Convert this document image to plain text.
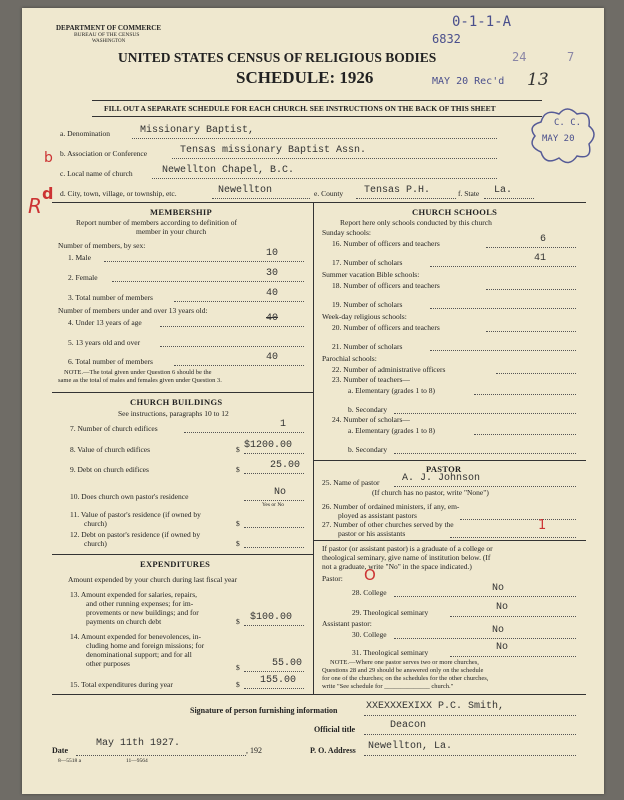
0-1-1-A
6832
24	7
MAY 20 Rec'd 13
C. C.
MAY 20
DEPARTMENT OF COMMERCE
BUREAU OF THE CENSUS
WASHINGTON
UNITED STATES CENSUS OF RELIGIOUS BODIES
SCHEDULE: 1926
FILL OUT A SEPARATE SCHEDULE FOR EACH CHURCH. SEE INSTRUCTIONS ON THE BACK OF THIS SHEET
b
d
R
a. Denomination	Missionary Baptist,
b. Association or Conference	Tensas missionary Baptist Assn.
c. Local name of church	Newellton Chapel, B.C.
d. City, town, village, or township, etc.	Newellton	e. County Tensas P.H.	f. State La.
MEMBERSHIP
Report number of members according to definition of
member in your church
Number of members, by sex:
1. Male	10
2. Female	30
3. Total number of members	40
Number of members under and over 13 years old:
4. Under 13 years of age	40
5. 13 years old and over
6. Total number of members	40
NOTE.—The total given under Question 6 should be the
same as the total of males and females given under Question 3.
CHURCH BUILDINGS
See instructions, paragraphs 10 to 12
7. Number of church edifices	1
8. Value of church edifices	$ $1200.00
9. Debt on church edifices	$	25.00
10. Does church own pastor's residence	No
Yes or No
11. Value of pastor's residence (if owned by
church)	$
12. Debt on pastor's residence (if owned by
church)	$
EXPENDITURES
Amount expended by your church during last fiscal year
13. Amount expended for salaries, repairs,
and other running expenses; for im-
provements or new buildings; and for
payments on church debt	$ $100.00
14. Amount expended for benevolences, in-
cluding home and foreign missions; for
denominational support; and for all
other purposes	$	55.00
15. Total expenditures during year	$ 155.00
CHURCH SCHOOLS
Report here only schools conducted by this church
Sunday schools:
16. Number of officers and teachers	6
17. Number of scholars	41
Summer vacation Bible schools:
18. Number of officers and teachers
19. Number of scholars
Week-day religious schools:
20. Number of officers and teachers
21. Number of scholars
Parochial schools:
22. Number of administrative officers
23. Number of teachers—
a. Elementary (grades 1 to 8)
b. Secondary
24. Number of scholars—
a. Elementary (grades 1 to 8)
b. Secondary
PASTOR
25. Name of pastor A. J. Johnson
(If church has no pastor, write "None")
26. Number of ordained ministers, if any, em-
ployed as assistant pastors
27. Number of other churches served by the
pastor or his assistants
1
If pastor (or assistant pastor) is a graduate of a college or
theological seminary, give name of institution below. (If
not a graduate, write "No" in the space indicated.)
Pastor: O
28. College	No
29. Theological seminary	No
Assistant pastor:
30. College	No
31. Theological seminary	No
NOTE.—Where one pastor serves two or more churches,
Questions 28 and 29 should be answered only on the schedule
for one of the churches; on the schedules for the other churches,
write "See schedule for ______________ church."
Signature of person furnishing information	XXEXXXEXIXX P.C. Smith,
Official title	Deacon
Date
May 11th 1927.
, 192	P. O. Address Newellton, La.
8—5518 a	11—9564
